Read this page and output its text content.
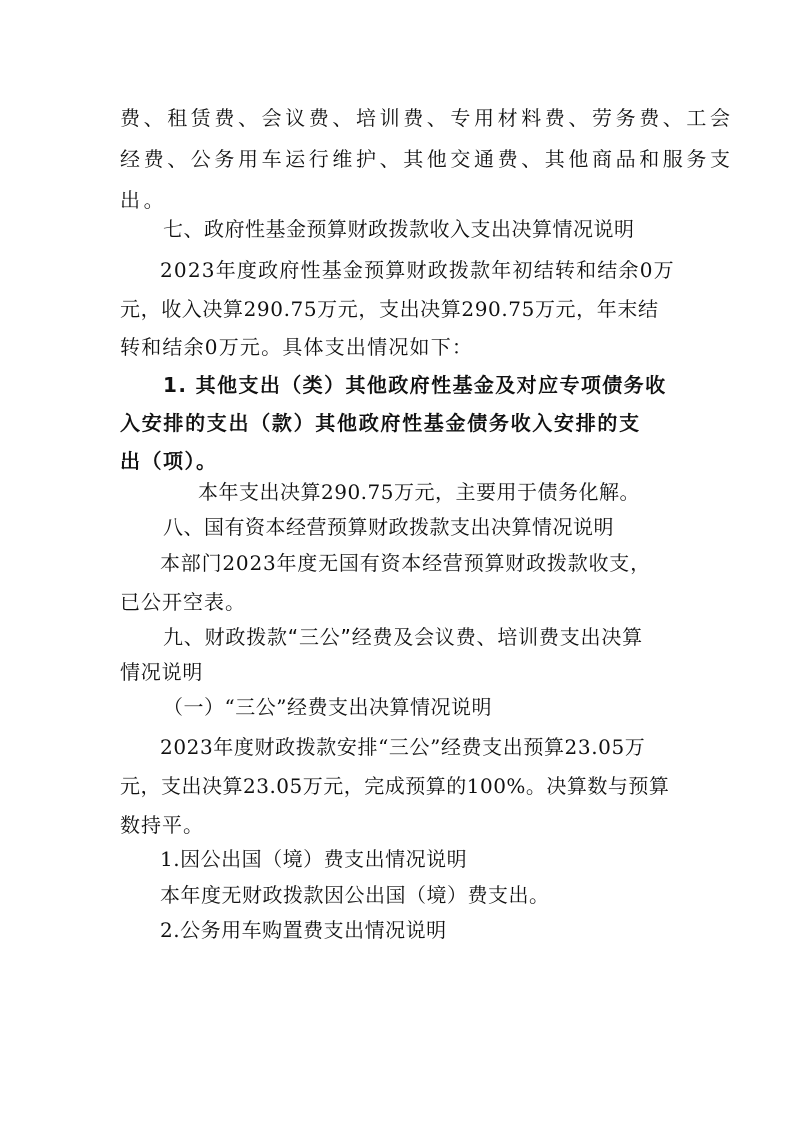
费、租赁费、会议费、培训费、专用材料费、劳务费、工会
经费、公务用车运行维护、其他交通费、其他商品和服务支
出。
七、政府性基金预算财政拨款收入支出决算情况说明
2023年度政府性基金预算财政拨款年初结转和结余0万
元，收入决算290.75万元，支出决算290.75万元，年末结
转和结余0万元。具体支出情况如下：
1. 其他支出（类）其他政府性基金及对应专项债务收
入安排的支出（款）其他政府性基金债务收入安排的支
出（项）。
本年支出决算290.75万元，主要用于债务化解。
八、国有资本经营预算财政拨款支出决算情况说明
本部门2023年度无国有资本经营预算财政拨款收支，
已公开空表。
九、财政拨款“三公”经费及会议费、培训费支出决算
情况说明
（一）“三公”经费支出决算情况说明
2023年度财政拨款安排“三公”经费支出预算23.05万
元，支出决算23.05万元，完成预算的100%。决算数与预算
数持平。
1.因公出国（境）费支出情况说明
本年度无财政拨款因公出国（境）费支出。
2.公务用车购置费支出情况说明
